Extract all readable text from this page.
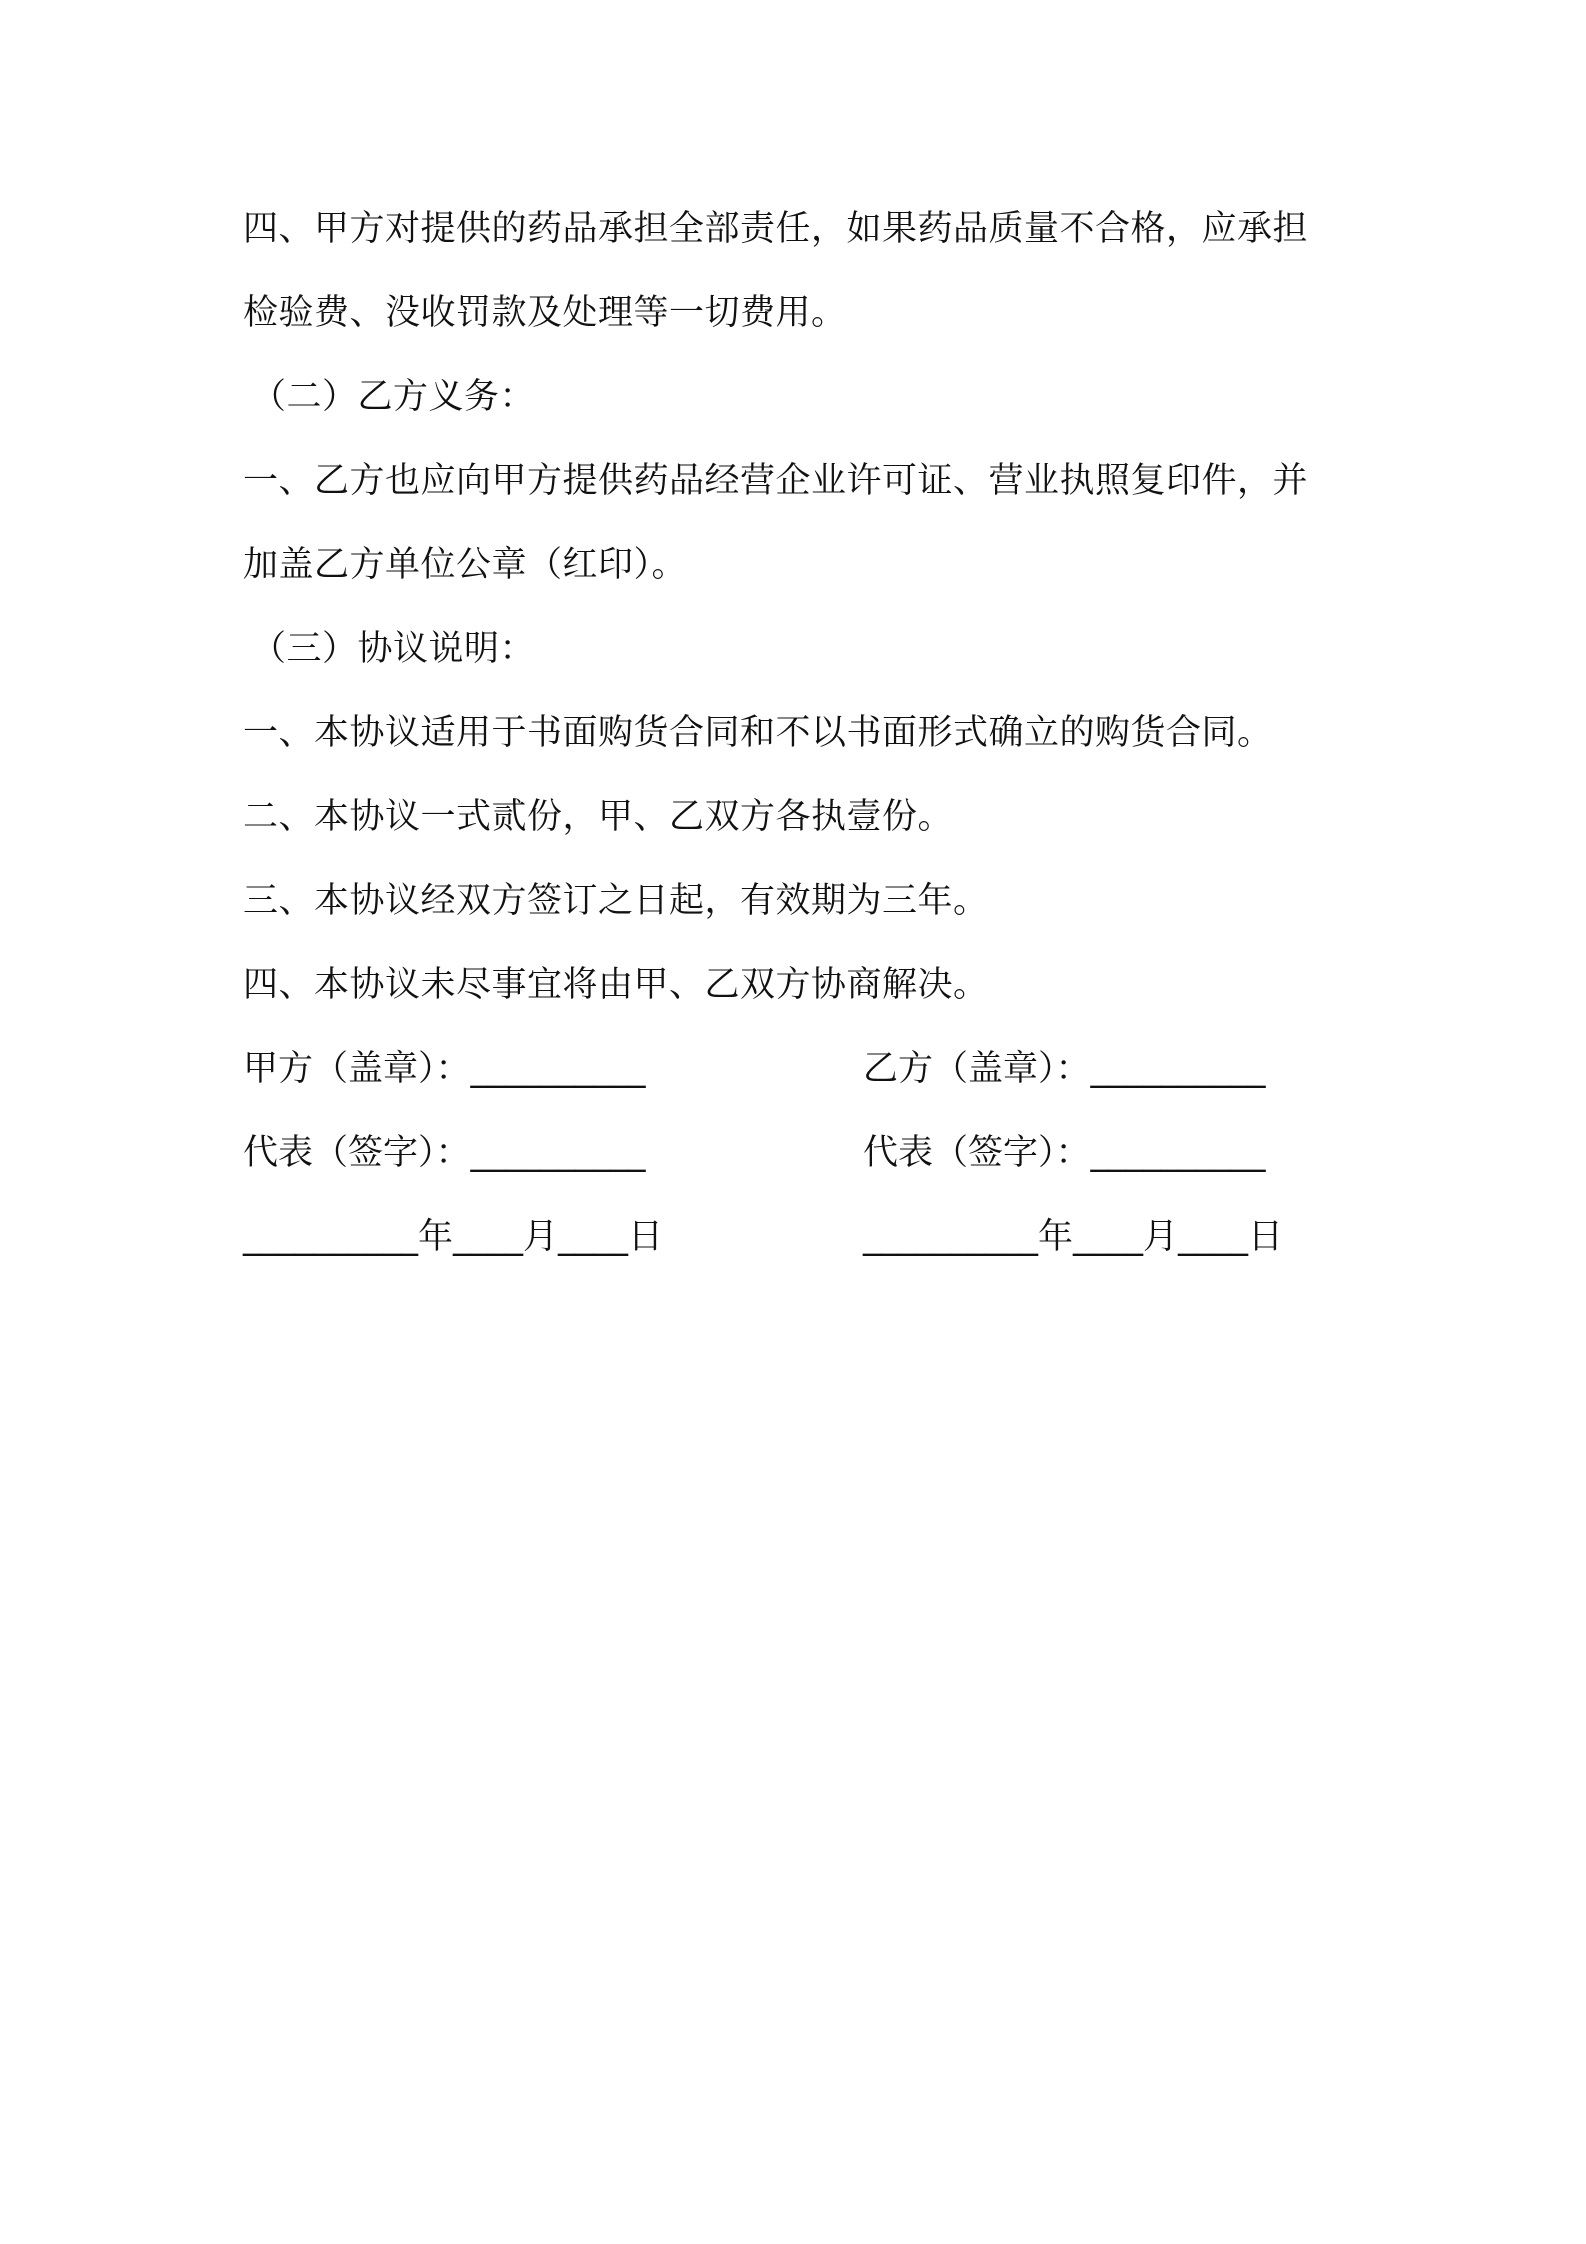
四、甲方对提供的药品承担全部责任，如果药品质量不合格，应承担
检验费、没收罚款及处理等一切费用。
（二）乙方义务：
一、乙方也应向甲方提供药品经营企业许可证、营业执照复印件，并
加盖乙方单位公章（红印）。
（三）协议说明：
一、本协议适用于书面购货合同和不以书面形式确立的购货合同。
二、本协议一式贰份，甲、乙双方各执壹份。
三、本协议经双方签订之日起，有效期为三年。
四、本协议未尽事宜将由甲、乙双方协商解决。
甲方（盖章）：__________	乙方（盖章）：__________
代表（签字）：__________	代表（签字）：__________
__________年____月____日	__________年____月____日
